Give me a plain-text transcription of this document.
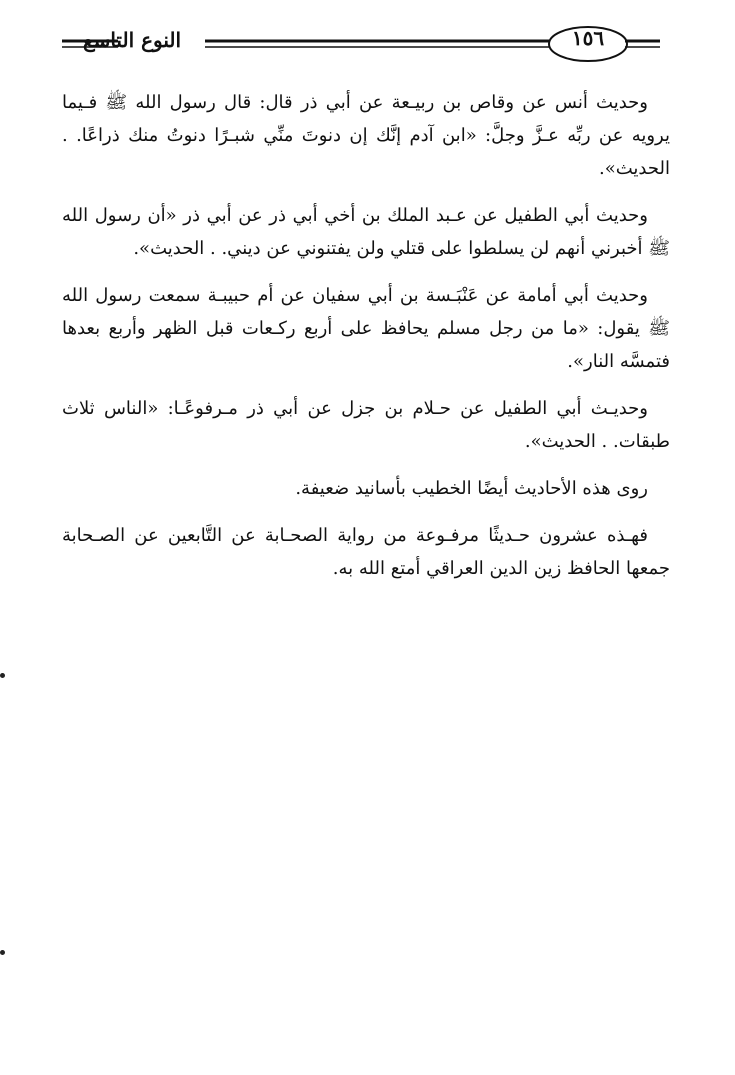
النوع التاسع	١٥٦

وحديث أنس عن وقاص بن ربيـعة عن أبي ذر قال: قال رسول الله ﷺ فـيما يرويه عن ربِّه عـزَّ وجلَّ: «ابن آدم إنَّك إن دنوتَ منِّي شبـرًا دنوتُ منك ذراعًا. . الحديث».

وحديث أبي الطفيل عن عـبد الملك بن أخي أبي ذر عن أبي ذر «أن رسول الله ﷺ أخبرني أنهم لن يسلطوا على قتلي ولن يفتنوني عن ديني. . الحديث».

وحديث أبي أمامة عن عَنْبَـسة بن أبي سفيان عن أم حبيبـة سمعت رسول الله ﷺ يقول: «ما من رجل مسلم يحافظ على أربع ركـعات قبل الظهر وأربع بعدها فتمسَّه النار».

وحديـث أبي الطفيل عن حـلام بن جزل عن أبي ذر مـرفوعًـا: «الناس ثلاث طبقات. . الحديث».

روى هذه الأحاديث أيضًا الخطيب بأسانيد ضعيفة.

فهـذه عشرون حـديثًا مرفـوعة من رواية الصحـابة عن التَّابعين عن الصـحابة جمعها الحافظ زين الدين العراقي أمتع الله به.
